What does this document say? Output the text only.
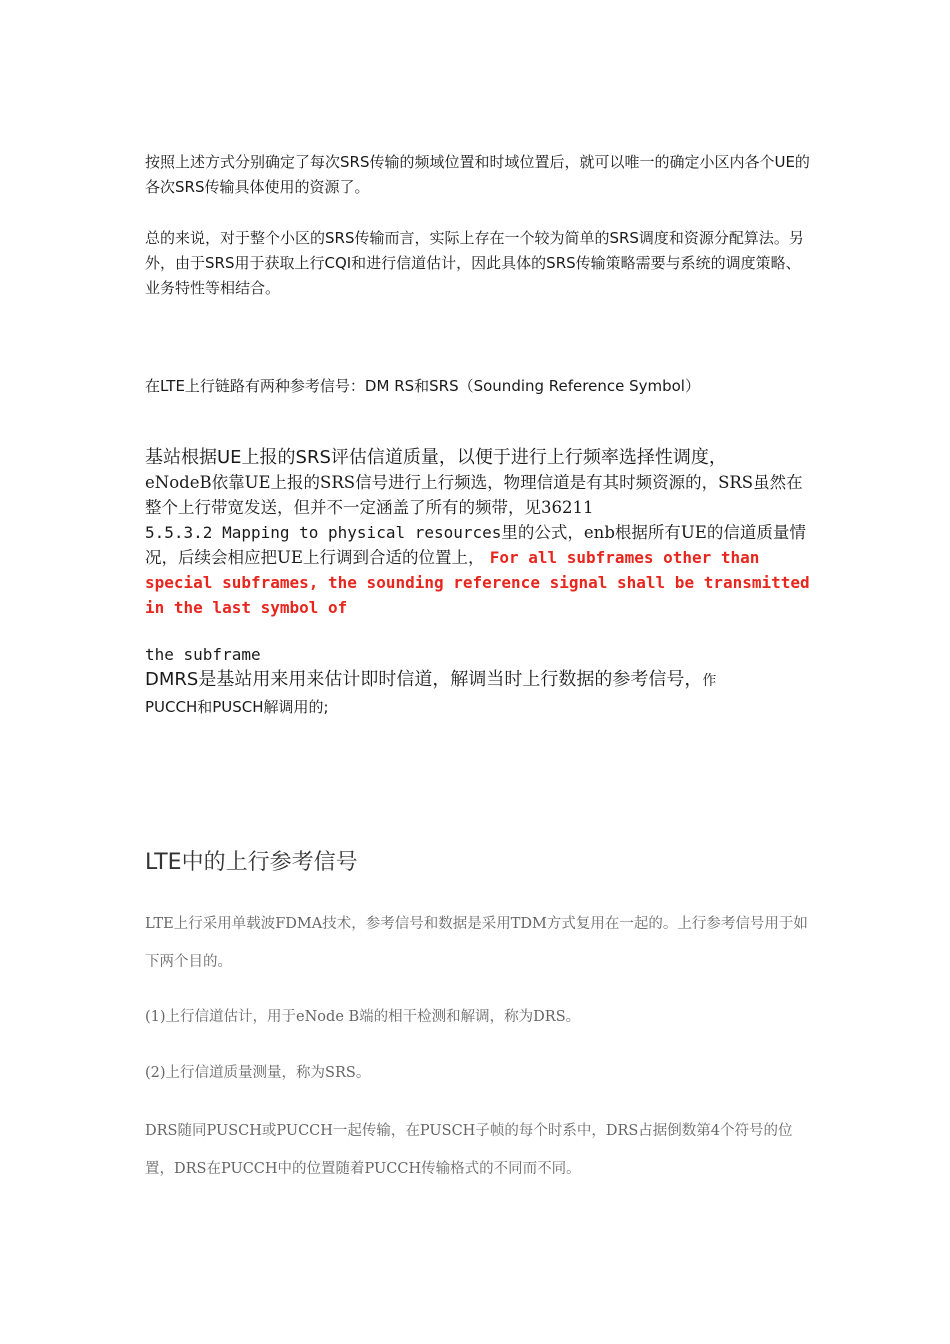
按照上述方式分别确定了每次SRS传输的频域位置和时域位置后，就可以唯一的确定小区内各个UE的各次SRS传输具体使用的资源了。

总的来说，对于整个小区的SRS传输而言，实际上存在一个较为简单的SRS调度和资源分配算法。另外，由于SRS用于获取上行CQI和进行信道估计，因此具体的SRS传输策略需要与系统的调度策略、业务特性等相结合。

在LTE上行链路有两种参考信号：DM RS和SRS（Sounding Reference Symbol）

基站根据UE上报的SRS评估信道质量，以便于进行上行频率选择性调度，
eNodeB依靠UE上报的SRS信号进行上行频选，物理信道是有其时频资源的，SRS虽然在整个上行带宽发送，但并不一定涵盖了所有的频带，见36211
5.5.3.2 Mapping to physical resources里的公式，enb根据所有UE的信道质量情况，后续会相应把UE上行调到合适的位置上， For all subframes other than special subframes, the sounding reference signal shall be transmitted in the last symbol of

the subframe

DMRS是基站用来用来估计即时信道，解调当时上行数据的参考信号，作
PUCCH和PUSCH解调用的;

LTE中的上行参考信号

LTE上行采用单载波FDMA技术，参考信号和数据是采用TDM方式复用在一起的。上行参考信号用于如下两个目的。

(1)上行信道估计，用于eNode B端的相干检测和解调，称为DRS。

(2)上行信道质量测量，称为SRS。

DRS随同PUSCH或PUCCH一起传输，在PUSCH子帧的每个时系中，DRS占据倒数第4个符号的位置，DRS在PUCCH中的位置随着PUCCH传输格式的不同而不同。
